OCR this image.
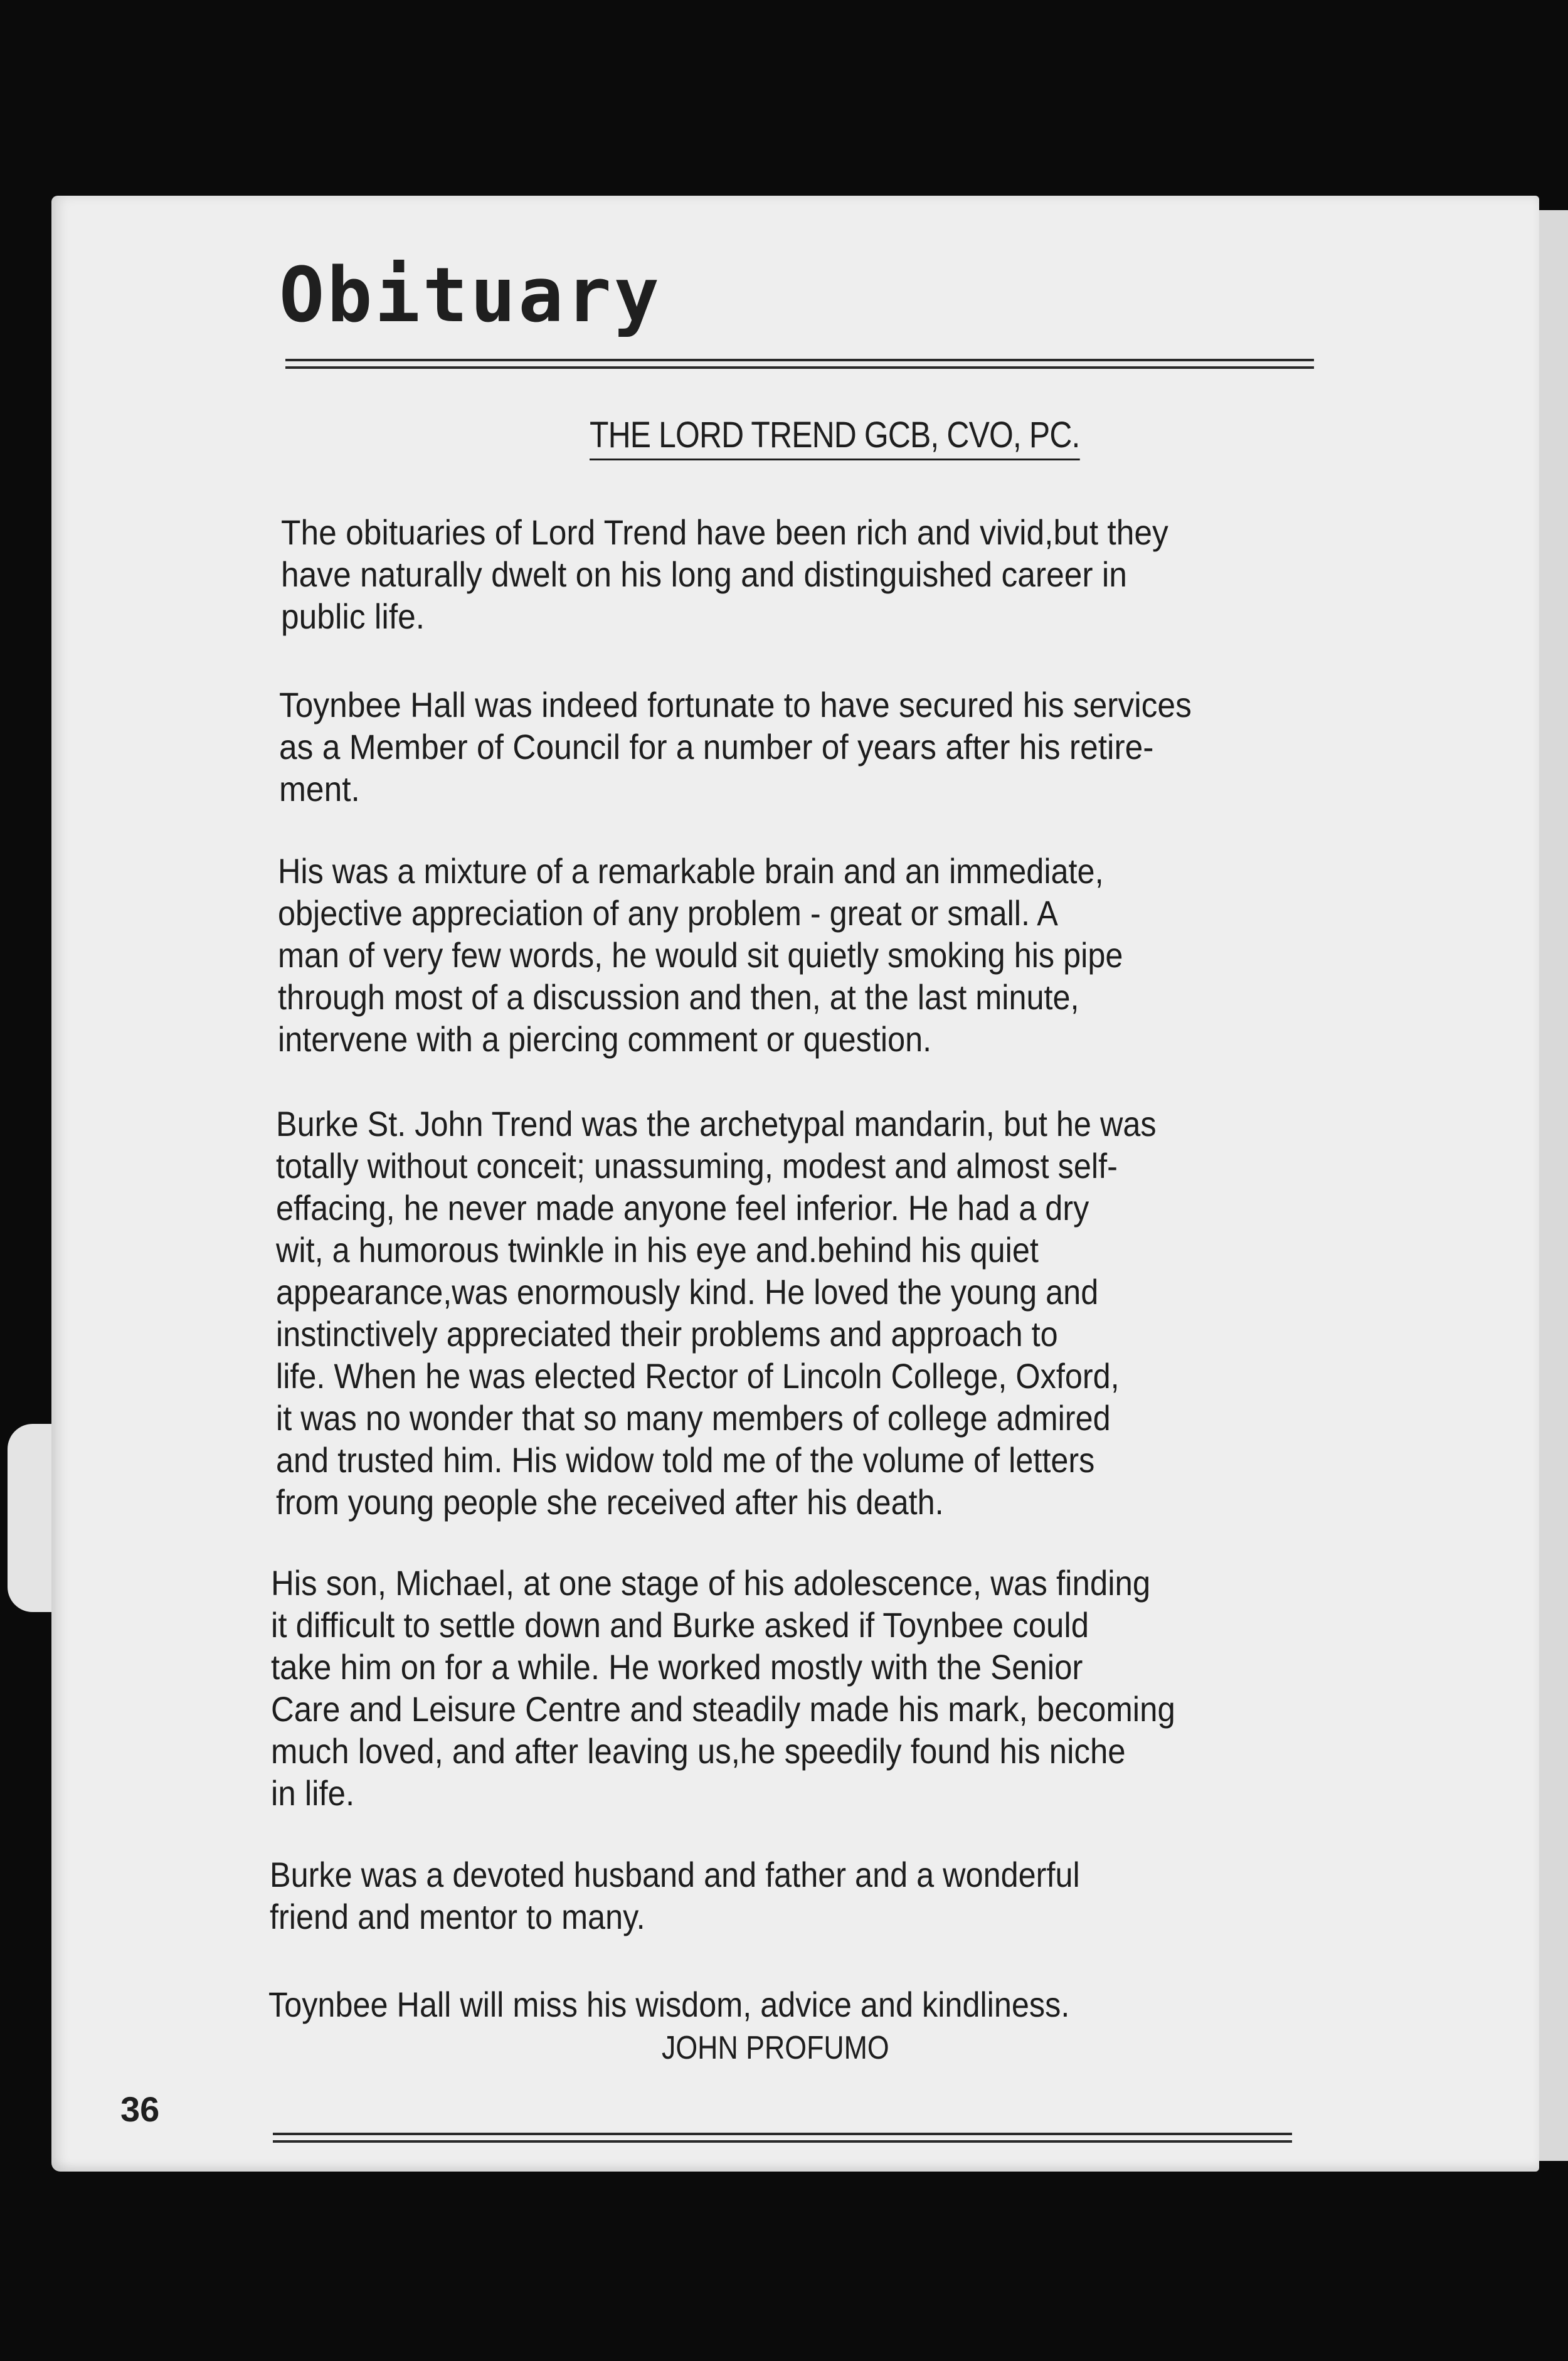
Obituary

THE LORD TREND GCB, CVO, PC.

The obituaries of Lord Trend have been rich and vivid,but they
have naturally dwelt on his long and distinguished career in
public life.

Toynbee Hall was indeed fortunate to have secured his services
as a Member of Council for a number of years after his retire-
ment.

His was a mixture of a remarkable brain and an immediate,
objective appreciation of any problem - great or small. A
man of very few words, he would sit quietly smoking his pipe
through most of a discussion and then, at the last minute,
intervene with a piercing comment or question.

Burke St. John Trend was the archetypal mandarin, but he was
totally without conceit; unassuming, modest and almost self-
effacing, he never made anyone feel inferior. He had a dry
wit, a humorous twinkle in his eye and.behind his quiet
appearance,was enormously kind. He loved the young and
instinctively appreciated their problems and approach to
life. When he was elected Rector of Lincoln College, Oxford,
it was no wonder that so many members of college admired
and trusted him. His widow told me of the volume of letters
from young people she received after his death.

His son, Michael, at one stage of his adolescence, was finding
it difficult to settle down and Burke asked if Toynbee could
take him on for a while. He worked mostly with the Senior
Care and Leisure Centre and steadily made his mark, becoming
much loved, and after leaving us,he speedily found his niche
in life.

Burke was a devoted husband and father and a wonderful
friend and mentor to many.

Toynbee Hall will miss his wisdom, advice and kindliness.

JOHN PROFUMO

36
